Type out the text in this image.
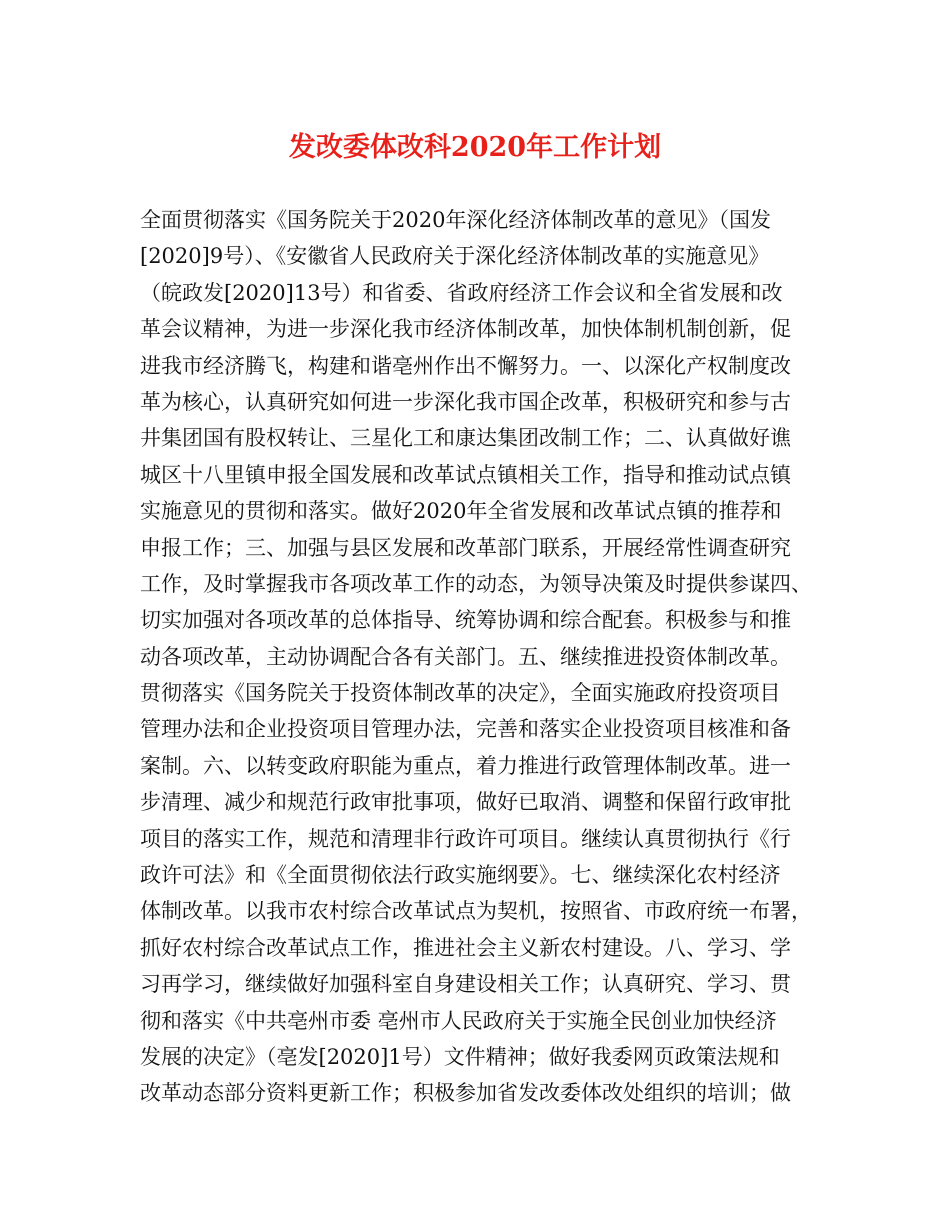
发改委体改科2020年工作计划
全面贯彻落实《国务院关于2020年深化经济体制改革的意见》（国发
[2020]9号）、《安徽省人民政府关于深化经济体制改革的实施意见》
（皖政发[2020]13号）和省委、省政府经济工作会议和全省发展和改
革会议精神，为进一步深化我市经济体制改革，加快体制机制创新，促
进我市经济腾飞，构建和谐亳州作出不懈努力。一、以深化产权制度改
革为核心，认真研究如何进一步深化我市国企改革，积极研究和参与古
井集团国有股权转让、三星化工和康达集团改制工作；二、认真做好谯
城区十八里镇申报全国发展和改革试点镇相关工作，指导和推动试点镇
实施意见的贯彻和落实。做好2020年全省发展和改革试点镇的推荐和
申报工作；三、加强与县区发展和改革部门联系，开展经常性调查研究
工作，及时掌握我市各项改革工作的动态，为领导决策及时提供参谋四、
切实加强对各项改革的总体指导、统筹协调和综合配套。积极参与和推
动各项改革，主动协调配合各有关部门。五、继续推进投资体制改革。
贯彻落实《国务院关于投资体制改革的决定》，全面实施政府投资项目
管理办法和企业投资项目管理办法，完善和落实企业投资项目核准和备
案制。六、以转变政府职能为重点，着力推进行政管理体制改革。进一
步清理、减少和规范行政审批事项，做好已取消、调整和保留行政审批
项目的落实工作，规范和清理非行政许可项目。继续认真贯彻执行《行
政许可法》和《全面贯彻依法行政实施纲要》。七、继续深化农村经济
体制改革。以我市农村综合改革试点为契机，按照省、市政府统一布署，
抓好农村综合改革试点工作，推进社会主义新农村建设。八、学习、学
习再学习，继续做好加强科室自身建设相关工作；认真研究、学习、贯
彻和落实《中共亳州市委 亳州市人民政府关于实施全民创业加快经济
发展的决定》（亳发[2020]1号）文件精神；做好我委网页政策法规和
改革动态部分资料更新工作；积极参加省发改委体改处组织的培训；做
